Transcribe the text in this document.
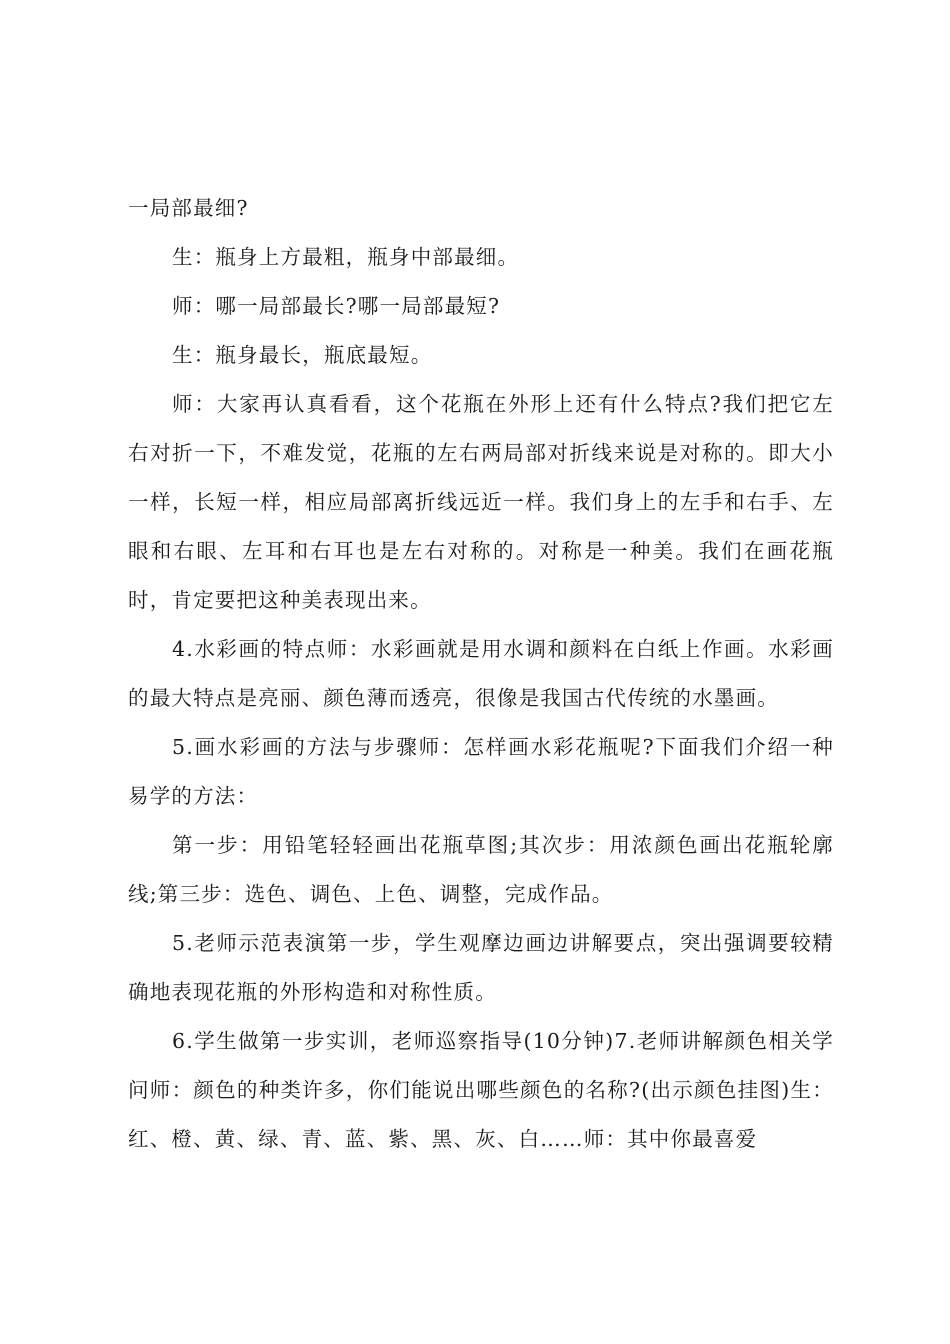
一局部最细?

生：瓶身上方最粗，瓶身中部最细。

师：哪一局部最长?哪一局部最短?

生：瓶身最长，瓶底最短。

师：大家再认真看看，这个花瓶在外形上还有什么特点?我们把它左右对折一下，不难发觉，花瓶的左右两局部对折线来说是对称的。即大小一样，长短一样，相应局部离折线远近一样。我们身上的左手和右手、左眼和右眼、左耳和右耳也是左右对称的。对称是一种美。我们在画花瓶时，肯定要把这种美表现出来。

4.水彩画的特点师：水彩画就是用水调和颜料在白纸上作画。水彩画的最大特点是亮丽、颜色薄而透亮，很像是我国古代传统的水墨画。

5.画水彩画的方法与步骤师：怎样画水彩花瓶呢?下面我们介绍一种易学的方法：

第一步：用铅笔轻轻画出花瓶草图;其次步：用浓颜色画出花瓶轮廓线;第三步：选色、调色、上色、调整，完成作品。

5.老师示范表演第一步，学生观摩边画边讲解要点，突出强调要较精确地表现花瓶的外形构造和对称性质。

6.学生做第一步实训，老师巡察指导(10分钟)7.老师讲解颜色相关学问师：颜色的种类许多，你们能说出哪些颜色的名称?(出示颜色挂图)生：红、橙、黄、绿、青、蓝、紫、黑、灰、白……师：其中你最喜爱
